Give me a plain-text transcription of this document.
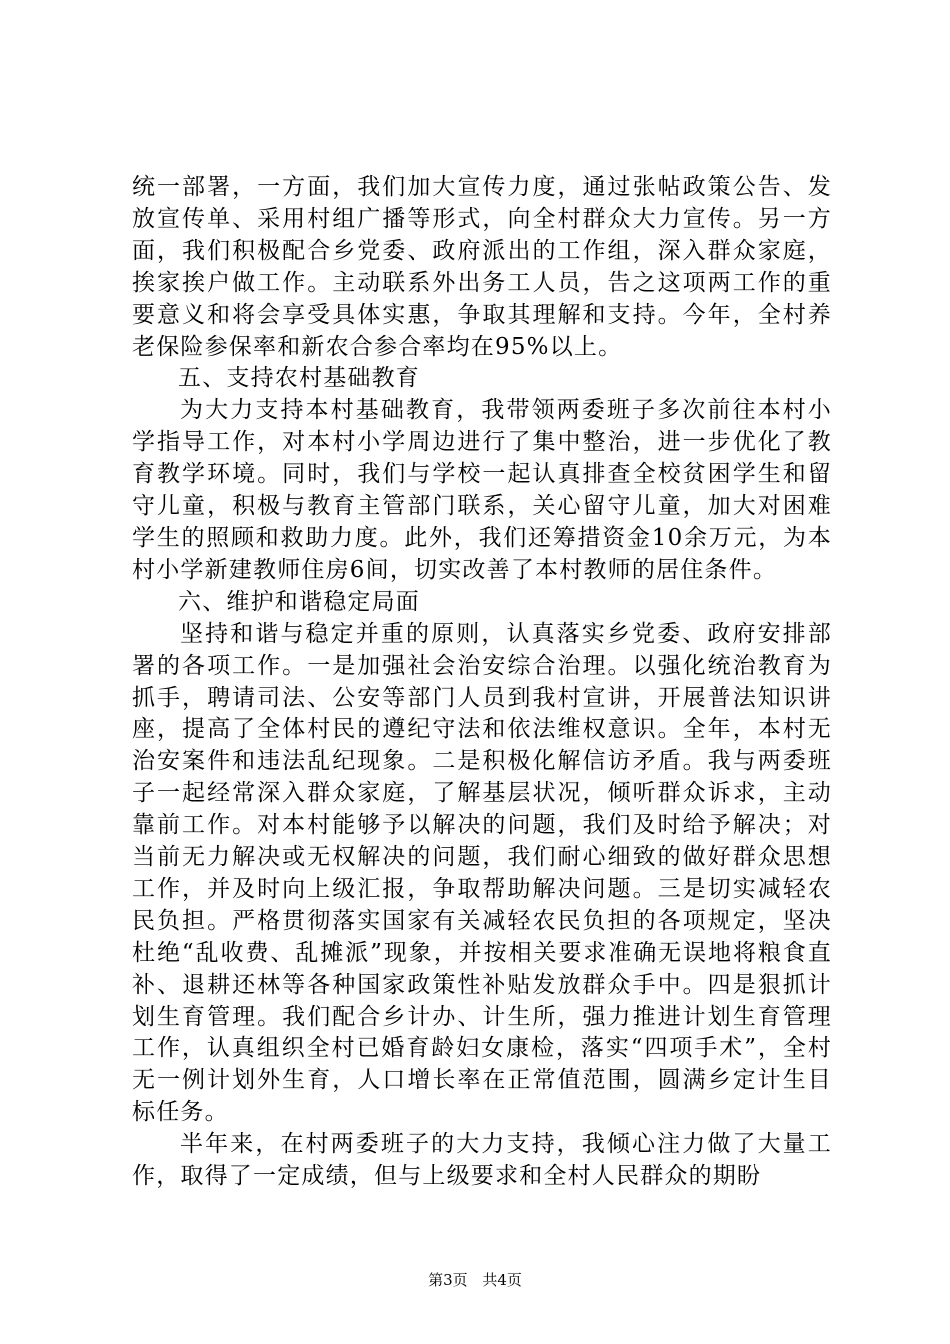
统一部署，一方面，我们加大宣传力度，通过张帖政策公告、发放宣传单、采用村组广播等形式，向全村群众大力宣传。另一方面，我们积极配合乡党委、政府派出的工作组，深入群众家庭，挨家挨户做工作。主动联系外出务工人员，告之这项两工作的重要意义和将会享受具体实惠，争取其理解和支持。今年，全村养老保险参保率和新农合参合率均在95%以上。

五、支持农村基础教育

为大力支持本村基础教育，我带领两委班子多次前往本村小学指导工作，对本村小学周边进行了集中整治，进一步优化了教育教学环境。同时，我们与学校一起认真排查全校贫困学生和留守儿童，积极与教育主管部门联系，关心留守儿童，加大对困难学生的照顾和救助力度。此外，我们还筹措资金10余万元，为本村小学新建教师住房6间，切实改善了本村教师的居住条件。

六、维护和谐稳定局面

坚持和谐与稳定并重的原则，认真落实乡党委、政府安排部署的各项工作。一是加强社会治安综合治理。以强化统治教育为抓手，聘请司法、公安等部门人员到我村宣讲，开展普法知识讲座，提高了全体村民的遵纪守法和依法维权意识。全年，本村无治安案件和违法乱纪现象。二是积极化解信访矛盾。我与两委班子一起经常深入群众家庭，了解基层状况，倾听群众诉求，主动靠前工作。对本村能够予以解决的问题，我们及时给予解决；对当前无力解决或无权解决的问题，我们耐心细致的做好群众思想工作，并及时向上级汇报，争取帮助解决问题。三是切实减轻农民负担。严格贯彻落实国家有关减轻农民负担的各项规定，坚决杜绝“乱收费、乱摊派”现象，并按相关要求准确无误地将粮食直补、退耕还林等各种国家政策性补贴发放群众手中。四是狠抓计划生育管理。我们配合乡计办、计生所，强力推进计划生育管理工作，认真组织全村已婚育龄妇女康检，落实“四项手术”，全村无一例计划外生育，人口增长率在正常值范围，圆满乡定计生目标任务。

半年来，在村两委班子的大力支持，我倾心注力做了大量工作，取得了一定成绩，但与上级要求和全村人民群众的期盼

第3页 共4页
